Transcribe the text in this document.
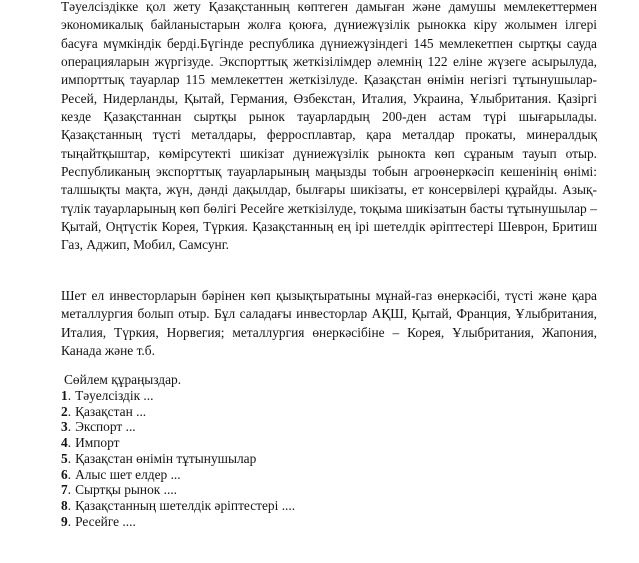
Тәуелсіздікке қол жету Қазақстанның көптеген дамыған және дамушы мемлекеттермен экономикалық байланыстарын жолға қоюға, дүниежүзілік рыноккa кіру жолымен ілгері басуға мүмкіндік берді.Бүгінде республика дүниежүзіндегі 145 мемлекетпен сыртқы сауда операцияларын жүргізуде. Экспорттық жеткізілімдер әлемнің 122 еліне жүзеге асырылуда, импорттық тауарлар 115 мемлекеттен жеткізілуде. Қазақстан өнімін негізгі тұтынушылар-Ресей, Нидерланды, Қытай, Германия, Өзбекстан, Италия, Украина, Ұлыбритания. Қазіргі кезде Қазақстаннан сыртқы рынок тауарлардың 200-ден астам түрі шығарылады. Қазақстанның түсті металдары, ферросплавтар, қара металдар прокаты, минералдық тыңайтқыштар, көмірсутекті шикізат дүниежүзілік рынокта көп сұраным тауып отыр. Республиканың экспорттық тауарларының маңызды тобын агроөнеркәсіп кешенінің өнімі: талшықты мақта, жүн, дәнді дақылдар, былғары шикізаты, ет консервілері құрайды. Азық-түлік тауарларының көп бөлігі Ресейге жеткізілуде, тоқыма шикізатын басты тұтынушылар – Қытай, Оңтүстік Корея, Түркия. Қазақстанның ең ірі шетелдік әріптестері Шеврон, Бритиш Газ, Аджип, Мобил, Самсунг.

Шет ел инвесторларын бәрінен көп қызықтыратыны мұнай-газ өнеркәсібі, түсті және қара металлургия болып отыр. Бұл саладағы инвесторлар АҚШ, Қытай, Франция, Ұлыбритания, Италия, Түркия, Норвегия; металлургия өнеркәсібіне – Корея, Ұлыбритания, Жапония, Канада және т.б.

Сөйлем құраңыздар.

1 . Тәуелсіздік ...
2 . Қазақстан ...
3 . Экспорт ...
4 . Импорт
5 . Қазақстан өнімін тұтынушылар
6 . Алыс шет елдер ...
7 . Сыртқы рынок ....
8 . Қазақстанның шетелдік әріптестері ....
9 . Ресейге ....
